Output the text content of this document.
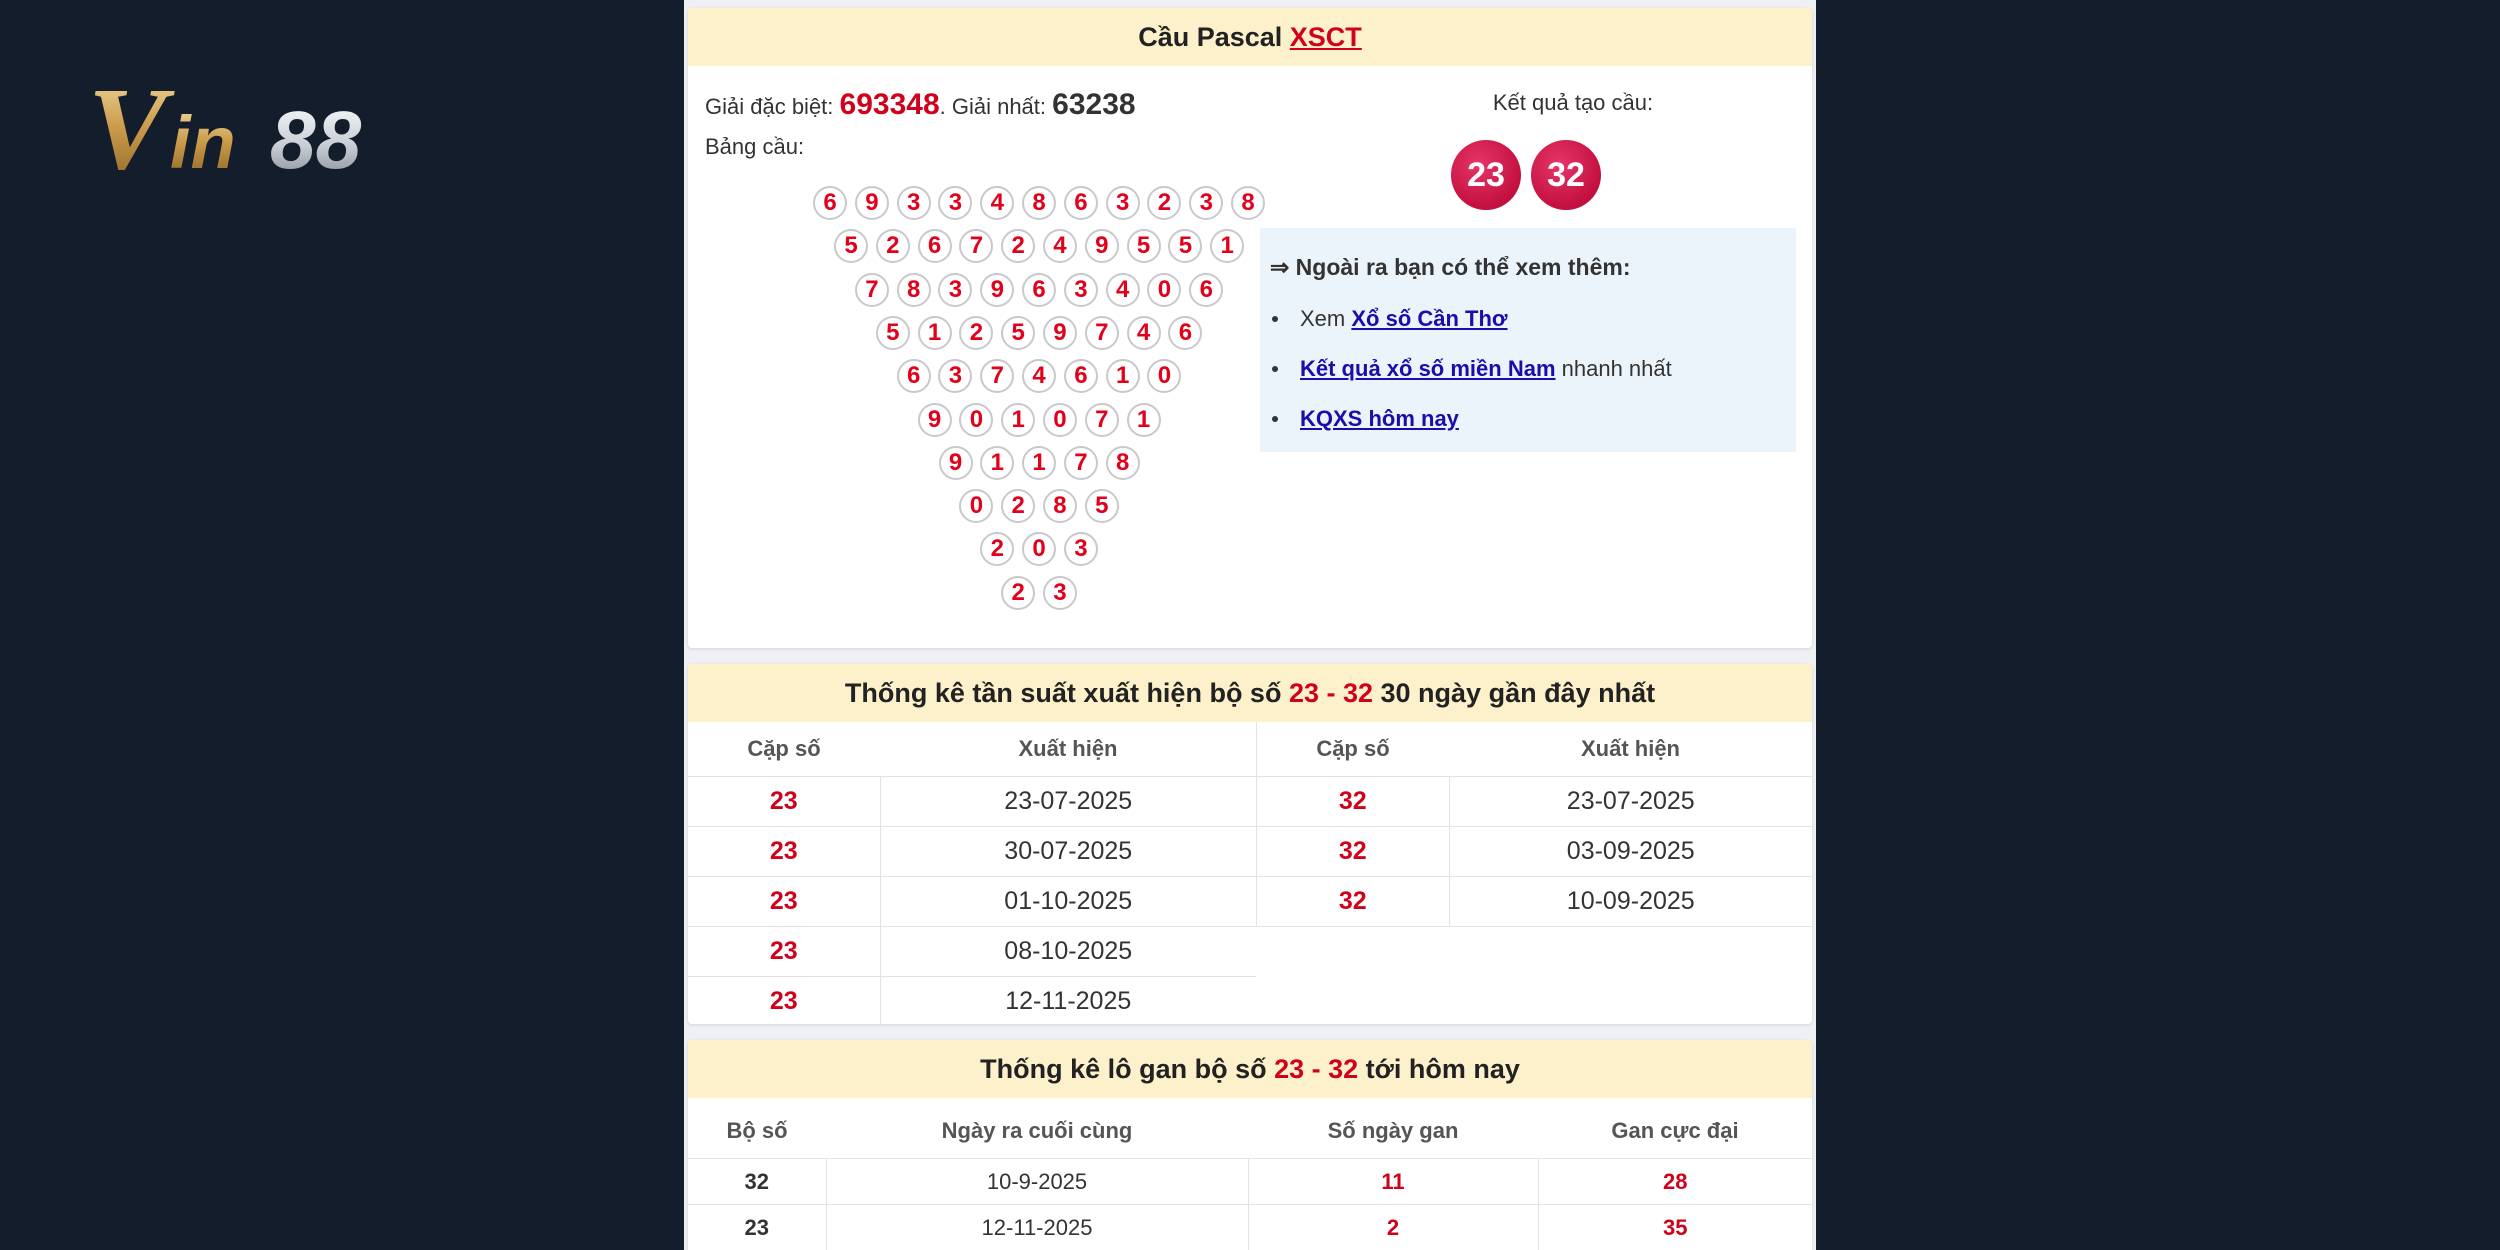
V in 88
Cầu Pascal XSCT
Giải đặc biệt: 693348. Giải nhất: 63238
Bảng cầu:
6	9	3	3	4	8	6	3	2	3	8
5	2	6	7	2	4	9	5	5	1
7	8	3	9	6	3	4	0	6
5	1	2	5	9	7	4	6
6	3	7	4	6	1	0
9	0	1	0	7	1
9	1	1	7	8
0	2	8	5
2	0	3
2	3
Kết quả tạo cầu:
23	32
⇒ Ngoài ra bạn có thể xem thêm:
Xem Xổ số Cần Thơ
Kết quả xổ số miền Nam nhanh nhất
KQXS hôm nay
Thống kê tần suất xuất hiện bộ số 23 - 32 30 ngày gần đây nhất
Cặp số	Xuất hiện
23	23-07-2025
23	30-07-2025
23	01-10-2025
23	08-10-2025
23	12-11-2025
Cặp số	Xuất hiện
32	23-07-2025
32	03-09-2025
32	10-09-2025
Thống kê lô gan bộ số 23 - 32 tới hôm nay
Bộ số	Ngày ra cuối cùng	Số ngày gan	Gan cực đại
32	10-9-2025	11	28
23	12-11-2025	2	35
